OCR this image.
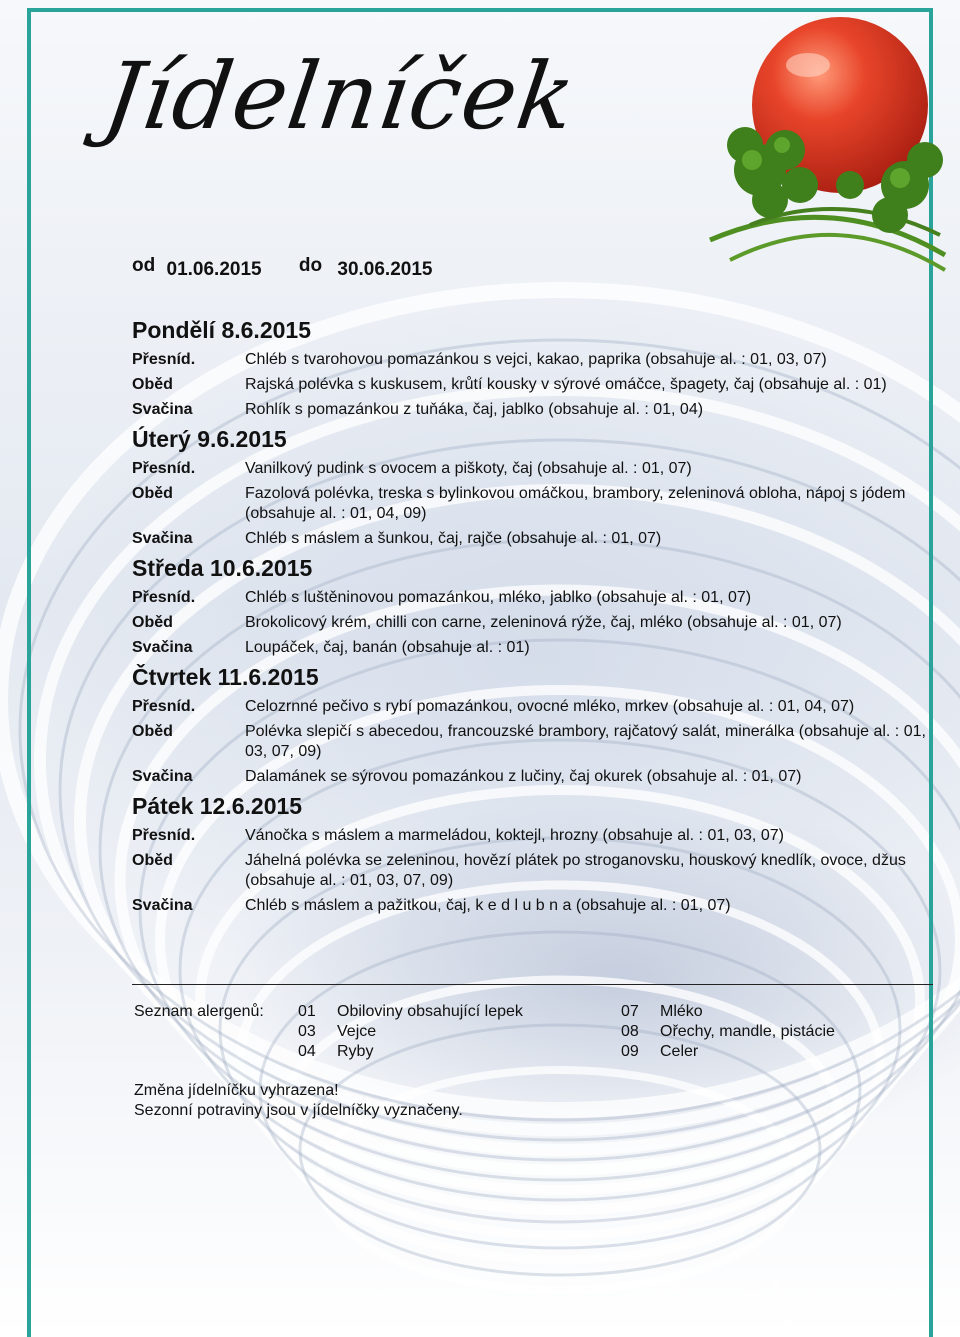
Jídelníček
od 01.06.2015 do 30.06.2015
Pondělí 8.6.2015
Přesníd.	Chléb s tvarohovou pomazánkou s vejci, kakao, paprika (obsahuje al. : 01, 03, 07)
Oběd	Rajská polévka s kuskusem, krůtí kousky v sýrové omáčce, špagety, čaj (obsahuje al. : 01)
Svačina	Rohlík s pomazánkou z tuňáka, čaj, jablko (obsahuje al. : 01, 04)
Úterý 9.6.2015
Přesníd.	Vanilkový pudink s ovocem a piškoty, čaj (obsahuje al. : 01, 07)
Oběd	Fazolová polévka, treska s bylinkovou omáčkou, brambory, zeleninová obloha, nápoj s jódem (obsahuje al. : 01, 04, 09)
Svačina	Chléb s máslem a šunkou, čaj, rajče (obsahuje al. : 01, 07)
Středa 10.6.2015
Přesníd.	Chléb s luštěninovou pomazánkou, mléko, jablko (obsahuje al. : 01, 07)
Oběd	Brokolicový krém, chilli con carne, zeleninová rýže, čaj, mléko (obsahuje al. : 01, 07)
Svačina	Loupáček, čaj, banán (obsahuje al. : 01)
Čtvrtek 11.6.2015
Přesníd.	Celozrnné pečivo s rybí pomazánkou, ovocné mléko, mrkev (obsahuje al. : 01, 04, 07)
Oběd	Polévka slepičí s abecedou, francouzské brambory, rajčatový salát, minerálka (obsahuje al. : 01, 03, 07, 09)
Svačina	Dalamánek se sýrovou pomazánkou z lučiny, čaj okurek (obsahuje al. : 01, 07)
Pátek 12.6.2015
Přesníd.	Vánočka s máslem a marmeládou, koktejl, hrozny (obsahuje al. : 01, 03, 07)
Oběd	Jáhelná polévka se zeleninou, hovězí plátek po stroganovsku, houskový knedlík, ovoce, džus (obsahuje al. : 01, 03, 07, 09)
Svačina	Chléb s máslem a pažitkou, čaj, k e d l u b n a (obsahuje al. : 01, 07)
Seznam alergenů: 01	Obiloviny obsahující lepek
03	Vejce
04	Ryby
07	Mléko
08	Ořechy, mandle, pistácie
09	Celer
Změna jídelníčku vyhrazena!
Sezonní potraviny jsou v jídelníčky vyznačeny.
